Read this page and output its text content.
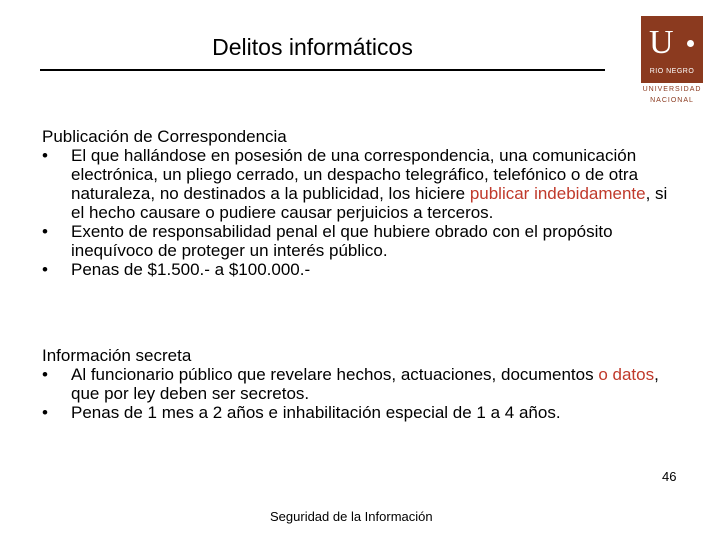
Delitos informáticos	U
RIO NEGRO
UNIVERSIDAD
NACIONAL

Publicación de Correspondencia

•	El que hallándose en posesión de una correspondencia, una comunicación electrónica, un pliego cerrado, un despacho telegráfico, telefónico o de otra naturaleza, no destinados a la publicidad, los hiciere publicar indebidamente, si el hecho causare o pudiere causar perjuicios a terceros.
•	Exento de responsabilidad penal el que hubiere obrado con el propósito inequívoco de proteger un interés público.
•	Penas de $1.500.- a $100.000.-

Información secreta

•	Al funcionario público que revelare hechos, actuaciones, documentos o datos, que por ley deben ser secretos.
•	Penas de 1 mes a 2 años e inhabilitación especial de 1 a 4 años.
Seguridad de la Información
46
